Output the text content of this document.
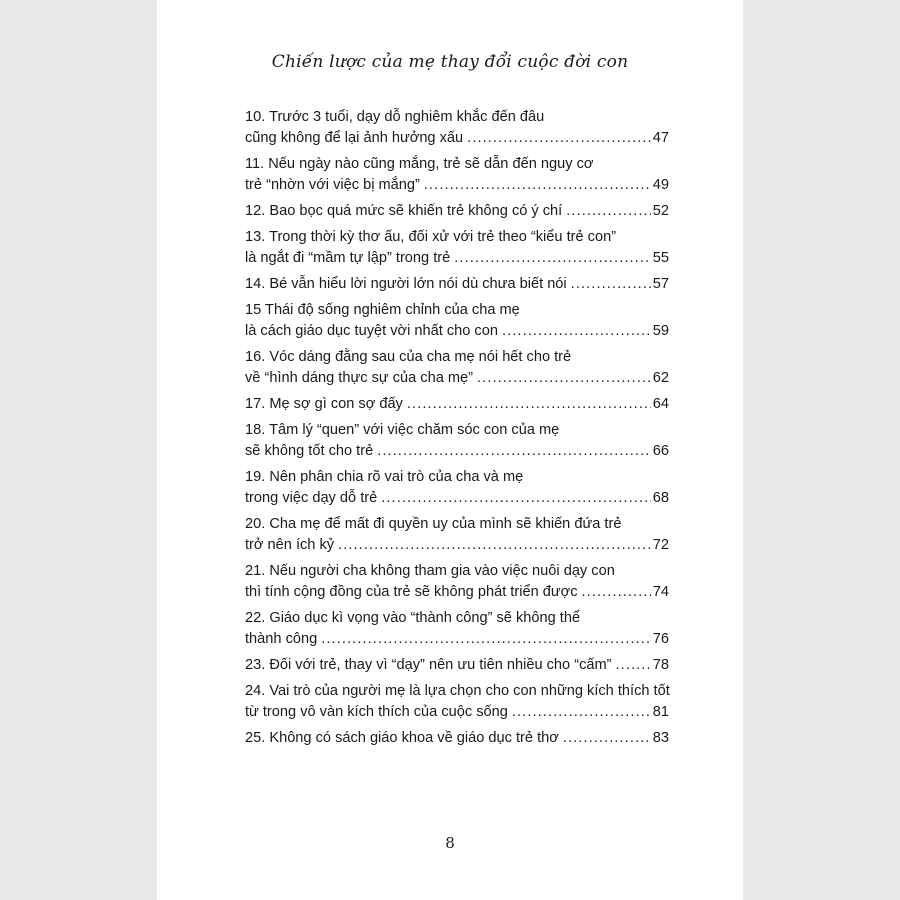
Chiến lược của mẹ thay đổi cuộc đời con
10. Trước 3 tuổi, dạy dỗ nghiêm khắc đến đâu
cũng không để lại ảnh hưởng xấu .....	47
11. Nếu ngày nào cũng mắng, trẻ sẽ dẫn đến nguy cơ
trẻ “nhờn với việc bị mắng” .....	49
12. Bao bọc quá mức sẽ khiến trẻ không có ý chí .....	52
13. Trong thời kỳ thơ ấu, đối xử với trẻ theo “kiểu trẻ con”
là ngắt đi “mầm tự lập” trong trẻ .....	55
14. Bé vẫn hiểu lời người lớn nói dù chưa biết nói .....	57
15 Thái độ sống nghiêm chỉnh của cha mẹ
là cách giáo dục tuyệt vời nhất cho con .....	59
16. Vóc dáng đằng sau của cha mẹ nói hết cho trẻ
về “hình dáng thực sự của cha mẹ” .....	62
17. Mẹ sợ gì con sợ đấy .....	64
18. Tâm lý “quen” với việc chăm sóc con của mẹ
sẽ không tốt cho trẻ .....	66
19. Nên phân chia rõ vai trò của cha và mẹ
trong việc dạy dỗ trẻ .....	68
20. Cha mẹ để mất đi quyền uy của mình sẽ khiến đứa trẻ
trở nên ích kỷ .....	72
21. Nếu người cha không tham gia vào việc nuôi dạy con
thì tính cộng đồng của trẻ sẽ không phát triển được .....	74
22. Giáo dục kì vọng vào “thành công” sẽ không thể
thành công .....	76
23. Đối với trẻ, thay vì “dạy” nên ưu tiên nhiều cho “cấm” .....	78
24. Vai trò của người mẹ là lựa chọn cho con những kích thích tốt
từ trong vô vàn kích thích của cuộc sống .....	81
25. Không có sách giáo khoa về giáo dục trẻ thơ .....	83
8
